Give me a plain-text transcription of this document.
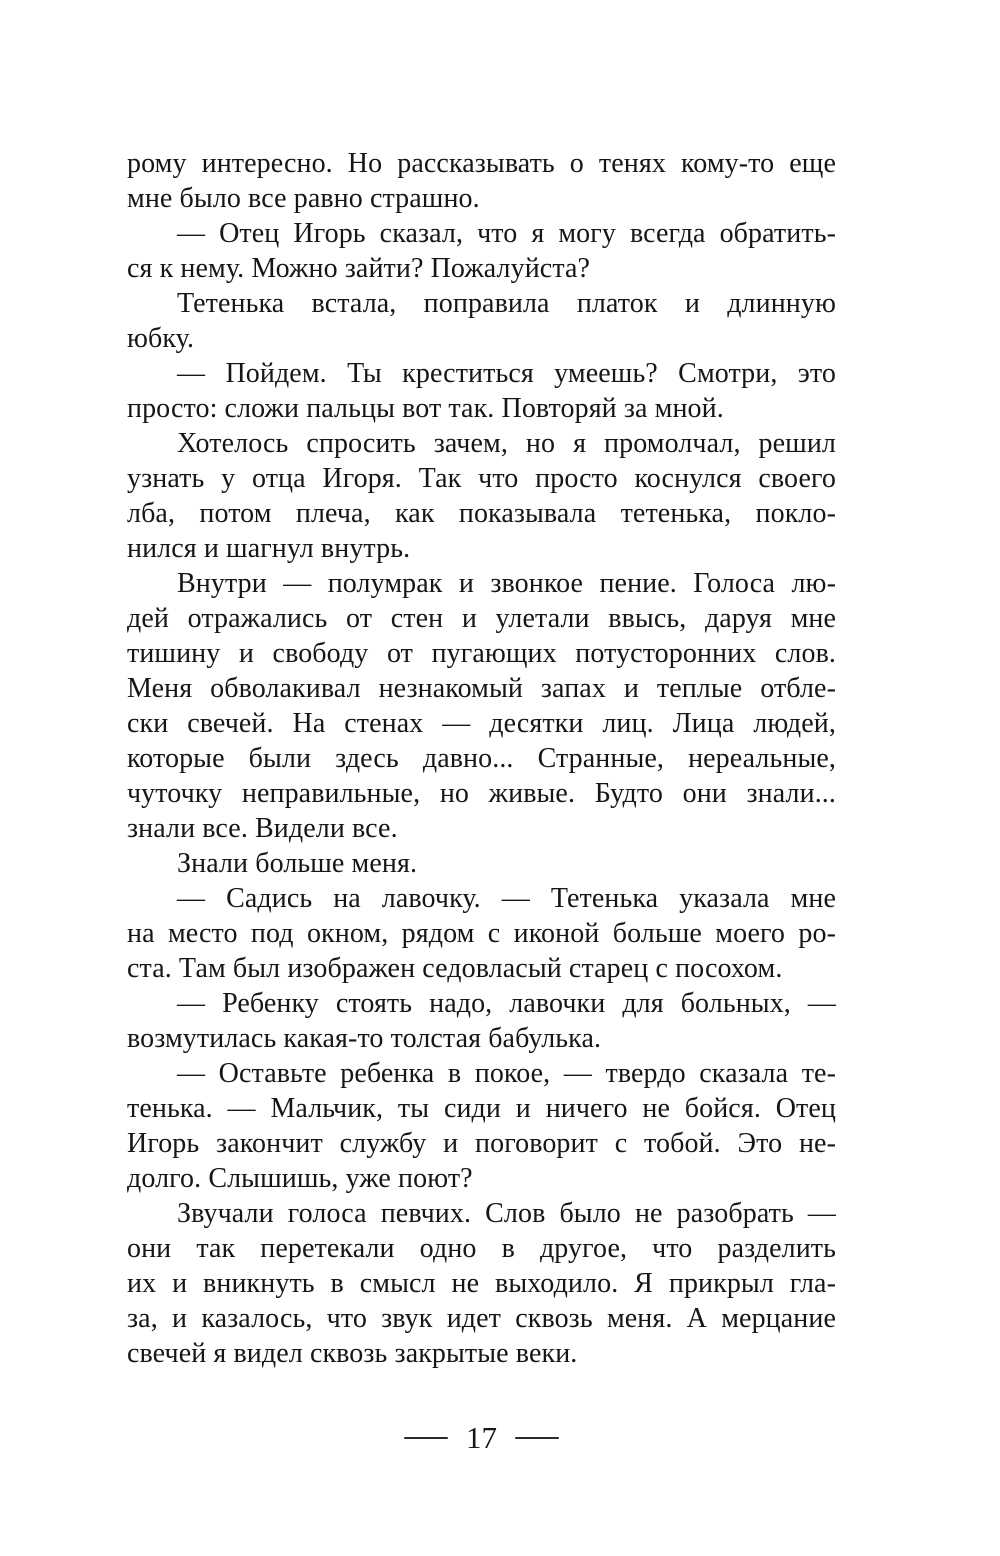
рому интересно. Но рассказывать о тенях кому-то еще
мне было все равно страшно.
— Отец Игорь сказал, что я могу всегда обратить-
ся к нему. Можно зайти? Пожалуйста?
Тетенька встала, поправила платок и длинную
юбку.
— Пойдем. Ты креститься умеешь? Смотри, это
просто: сложи пальцы вот так. Повторяй за мной.
Хотелось спросить зачем, но я промолчал, решил
узнать у отца Игоря. Так что просто коснулся своего
лба, потом плеча, как показывала тетенька, покло-
нился и шагнул внутрь.
Внутри — полумрак и звонкое пение. Голоса лю-
дей отражались от стен и улетали ввысь, даруя мне
тишину и свободу от пугающих потусторонних слов.
Меня обволакивал незнакомый запах и теплые отбле-
ски свечей. На стенах — десятки лиц. Лица людей,
которые были здесь давно... Странные, нереальные,
чуточку неправильные, но живые. Будто они знали...
знали все. Видели все.
Знали больше меня.
— Садись на лавочку. — Тетенька указала мне
на место под окном, рядом с иконой больше моего ро-
ста. Там был изображен седовласый старец с посохом.
— Ребенку стоять надо, лавочки для больных, —
возмутилась какая-то толстая бабулька.
— Оставьте ребенка в покое, — твердо сказала те-
тенька. — Мальчик, ты сиди и ничего не бойся. Отец
Игорь закончит службу и поговорит с тобой. Это не-
долго. Слышишь, уже поют?
Звучали голоса певчих. Слов было не разобрать —
они так перетекали одно в другое, что разделить
их и вникнуть в смысл не выходило. Я прикрыл гла-
за, и казалось, что звук идет сквозь меня. А мерцание
свечей я видел сквозь закрытые веки.
17
